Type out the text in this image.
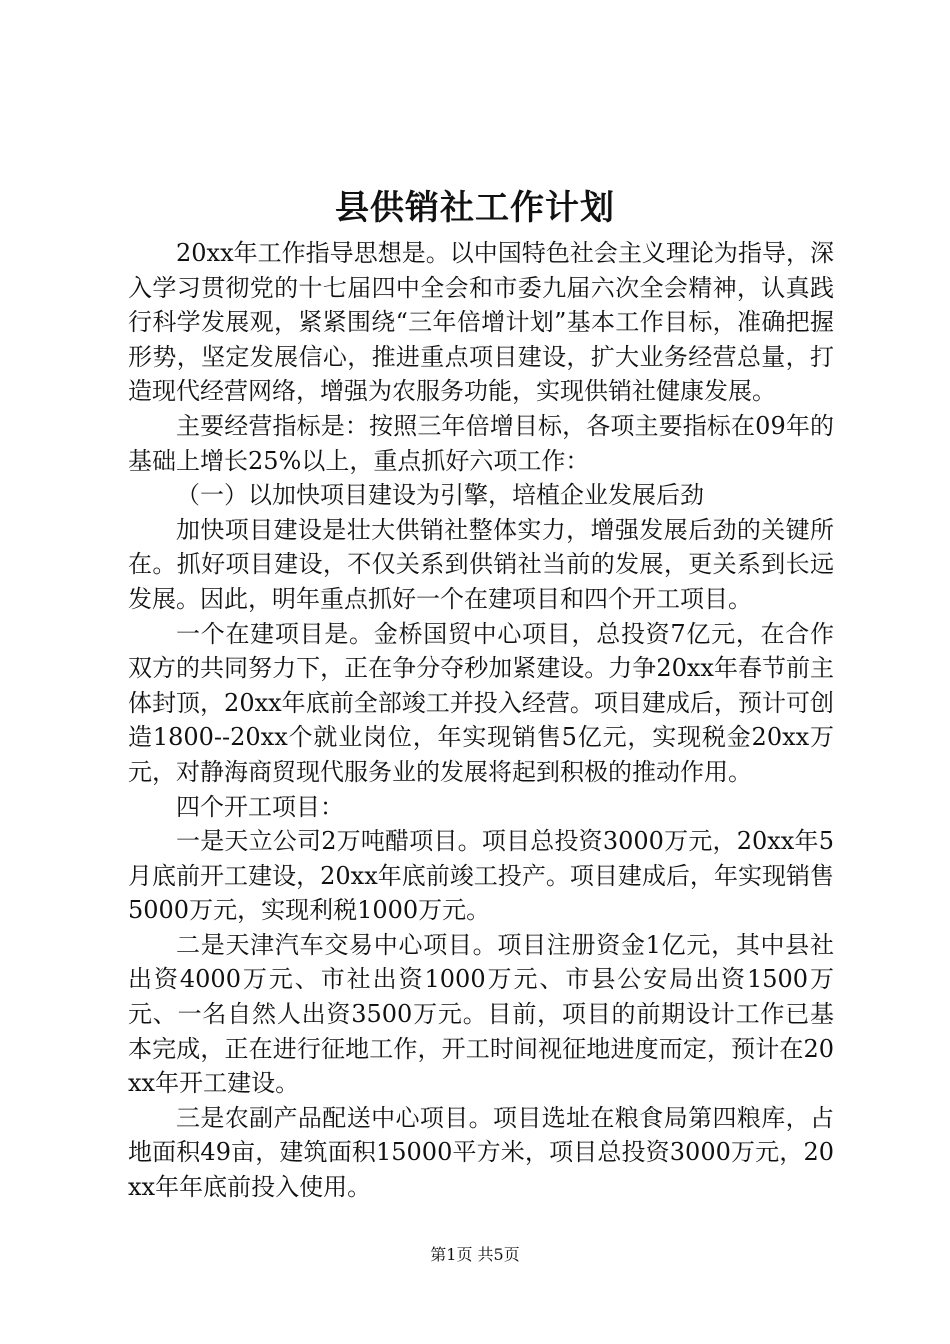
县供销社工作计划

20xx年工作指导思想是。以中国特色社会主义理论为指导，深入学习贯彻党的十七届四中全会和市委九届六次全会精神，认真践行科学发展观，紧紧围绕“三年倍增计划”基本工作目标，准确把握形势，坚定发展信心，推进重点项目建设，扩大业务经营总量，打造现代经营网络，增强为农服务功能，实现供销社健康发展。

主要经营指标是：按照三年倍增目标，各项主要指标在09年的基础上增长25%以上，重点抓好六项工作：

（一）以加快项目建设为引擎，培植企业发展后劲

加快项目建设是壮大供销社整体实力，增强发展后劲的关键所在。抓好项目建设，不仅关系到供销社当前的发展，更关系到长远发展。因此，明年重点抓好一个在建项目和四个开工项目。

一个在建项目是。金桥国贸中心项目，总投资7亿元，在合作双方的共同努力下，正在争分夺秒加紧建设。力争20xx年春节前主体封顶，20xx年底前全部竣工并投入经营。项目建成后，预计可创造1800--20xx个就业岗位，年实现销售5亿元，实现税金20xx万元，对静海商贸现代服务业的发展将起到积极的推动作用。

四个开工项目：

一是天立公司2万吨醋项目。项目总投资3000万元，20xx年5月底前开工建设，20xx年底前竣工投产。项目建成后，年实现销售5000万元，实现利税1000万元。

二是天津汽车交易中心项目。项目注册资金1亿元，其中县社出资4000万元、市社出资1000万元、市县公安局出资1500万元、一名自然人出资3500万元。目前，项目的前期设计工作已基本完成，正在进行征地工作，开工时间视征地进度而定，预计在20xx年开工建设。

三是农副产品配送中心项目。项目选址在粮食局第四粮库，占地面积49亩，建筑面积15000平方米，项目总投资3000万元，20xx年年底前投入使用。

第1页 共5页
